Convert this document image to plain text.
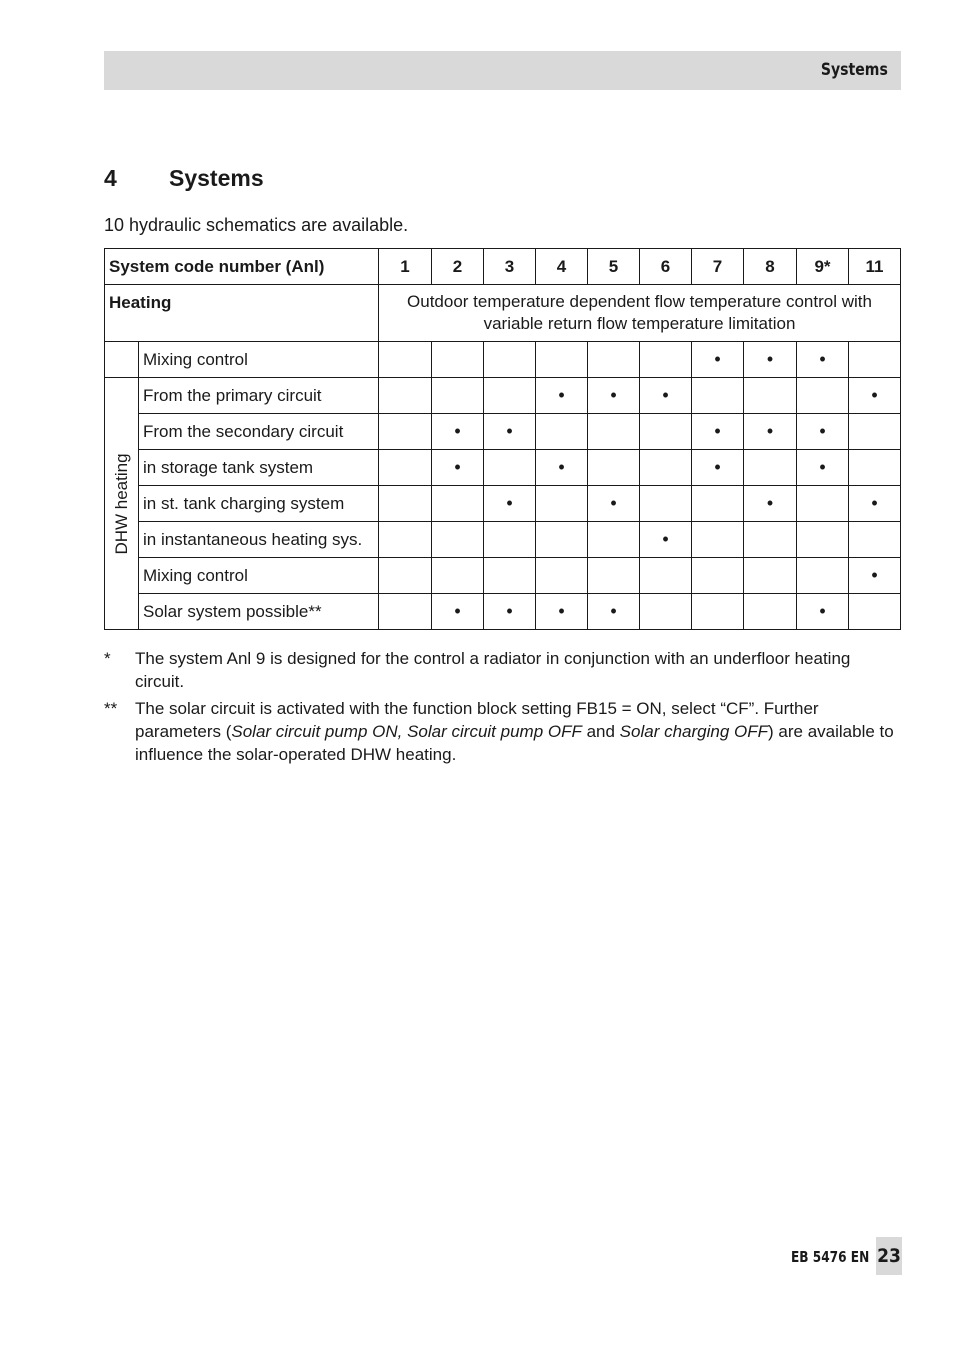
Systems
4 Systems
10 hydraulic schematics are available.
System code number (Anl)		1	2	3	4	5	6	7	8	9*	11
Heating		Outdoor temperature dependent flow temperature control with
variable return flow temperature limitation									
	Mixing control							•	•	•	

DHW heating	From the primary circuit				•	•	•				•
	From the secondary circuit		•	•				•	•	•	
	in storage tank system		•		•			•		•	
	in st. tank charging system			•		•			•		•
	in instantaneous heating sys.						•				
	Mixing control										•
	Solar system possible**		•	•	•	•				•	
* The system Anl 9 is designed for the control a radiator in conjunction with an underfloor heating circuit.
** The solar circuit is activated with the function block setting FB15 = ON, select “CF”. Further parameters (Solar circuit pump ON, Solar circuit pump OFF and Solar charging OFF) are available to influence the solar-operated DHW heating.
EB 5476 EN 23
